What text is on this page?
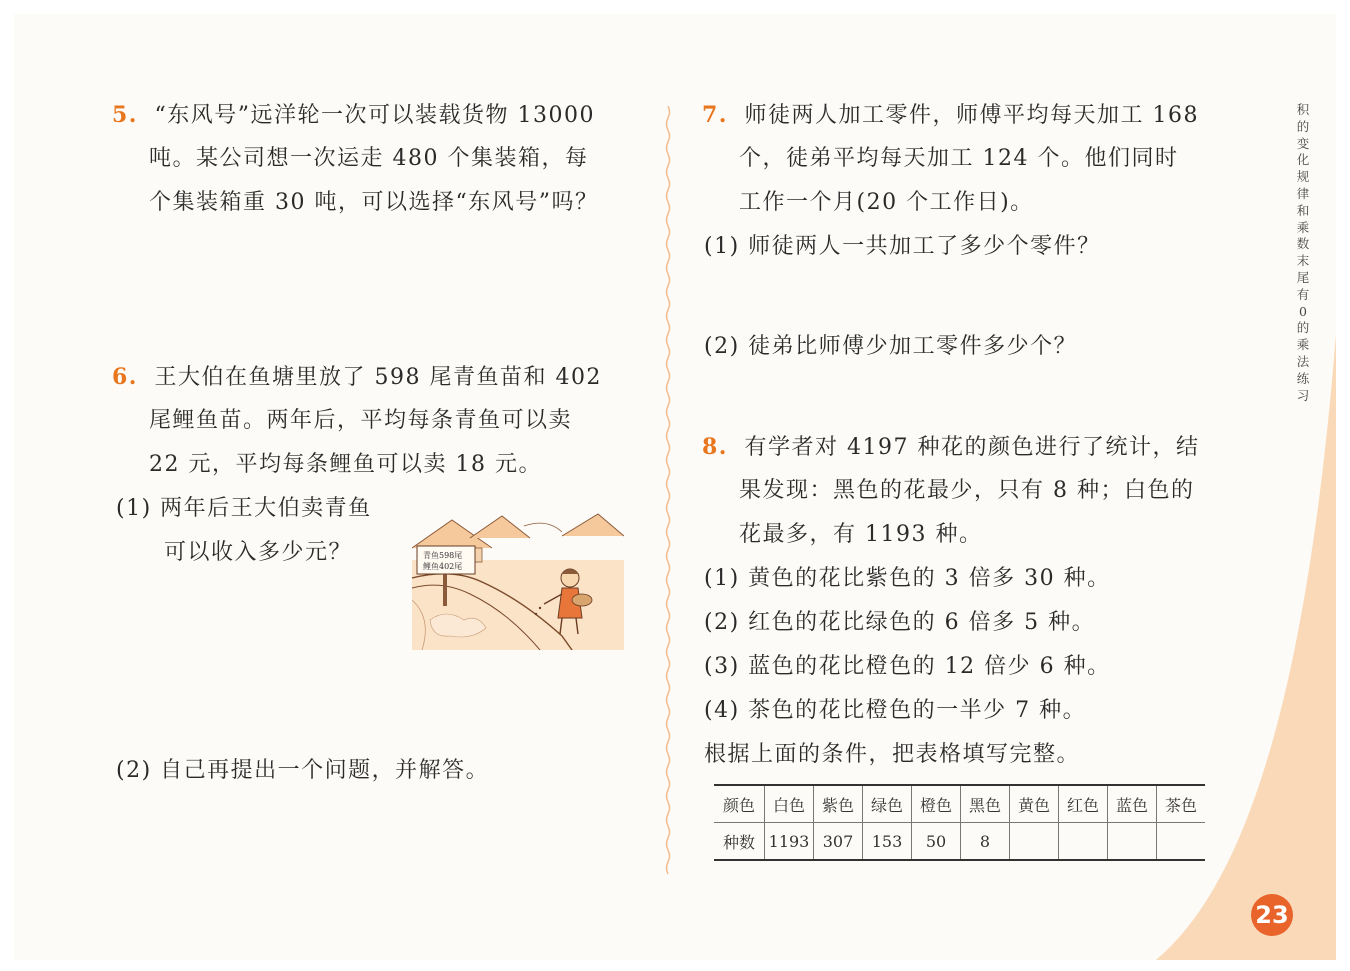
5. “东风号”远洋轮一次可以装载货物 13000
吨。某公司想一次运走 480 个集装箱，每
个集装箱重 30 吨，可以选择“东风号”吗？
6. 王大伯在鱼塘里放了 598 尾青鱼苗和 402
尾鲤鱼苗。两年后，平均每条青鱼可以卖
22 元，平均每条鲤鱼可以卖 18 元。
(1) 两年后王大伯卖青鱼
可以收入多少元？
(2) 自己再提出一个问题，并解答。
青鱼598尾
鲤鱼402尾
7. 师徒两人加工零件，师傅平均每天加工 168
个，徒弟平均每天加工 124 个。他们同时
工作一个月(20 个工作日)。
(1) 师徒两人一共加工了多少个零件？
(2) 徒弟比师傅少加工零件多少个？
8. 有学者对 4197 种花的颜色进行了统计，结
果发现：黑色的花最少，只有 8 种；白色的
花最多，有 1193 种。
(1) 黄色的花比紫色的 3 倍多 30 种。
(2) 红色的花比绿色的 6 倍多 5 种。
(3) 蓝色的花比橙色的 12 倍少 6 种。
(4) 茶色的花比橙色的一半少 7 种。
根据上面的条件，把表格填写完整。
颜色	白色	紫色	绿色	橙色	黑色	黄色	红色	蓝色	茶色
种数	1193	307	153	50	8				
积的变化规律和乘数末尾有0的乘法练习
23
